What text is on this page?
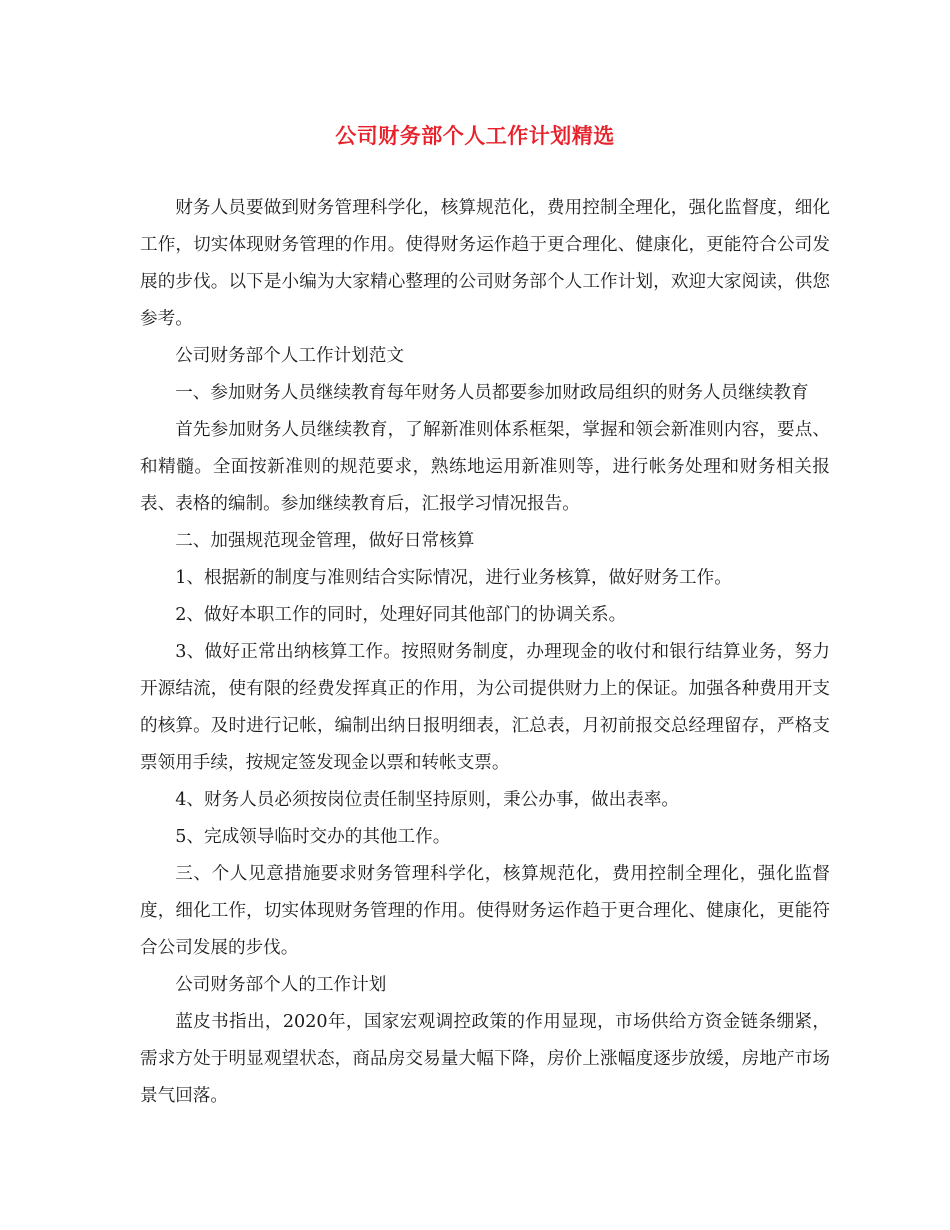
公司财务部个人工作计划精选

财务人员要做到财务管理科学化，核算规范化，费用控制全理化，强化监督度，细化工作，切实体现财务管理的作用。使得财务运作趋于更合理化、健康化，更能符合公司发展的步伐。以下是小编为大家精心整理的公司财务部个人工作计划，欢迎大家阅读，供您参考。

公司财务部个人工作计划范文

一、参加财务人员继续教育每年财务人员都要参加财政局组织的财务人员继续教育

首先参加财务人员继续教育，了解新准则体系框架，掌握和领会新准则内容，要点、和精髓。全面按新准则的规范要求，熟练地运用新准则等，进行帐务处理和财务相关报表、表格的编制。参加继续教育后，汇报学习情况报告。

二、加强规范现金管理，做好日常核算

1、根据新的制度与准则结合实际情况，进行业务核算，做好财务工作。

2、做好本职工作的同时，处理好同其他部门的协调关系。

3、做好正常出纳核算工作。按照财务制度，办理现金的收付和银行结算业务，努力开源结流，使有限的经费发挥真正的作用，为公司提供财力上的保证。加强各种费用开支的核算。及时进行记帐，编制出纳日报明细表，汇总表，月初前报交总经理留存，严格支票领用手续，按规定签发现金以票和转帐支票。

4、财务人员必须按岗位责任制坚持原则，秉公办事，做出表率。

5、完成领导临时交办的其他工作。

三、个人见意措施要求财务管理科学化，核算规范化，费用控制全理化，强化监督度，细化工作，切实体现财务管理的作用。使得财务运作趋于更合理化、健康化，更能符合公司发展的步伐。

公司财务部个人的工作计划

蓝皮书指出，2020年，国家宏观调控政策的作用显现，市场供给方资金链条绷紧，需求方处于明显观望状态，商品房交易量大幅下降，房价上涨幅度逐步放缓，房地产市场景气回落。
